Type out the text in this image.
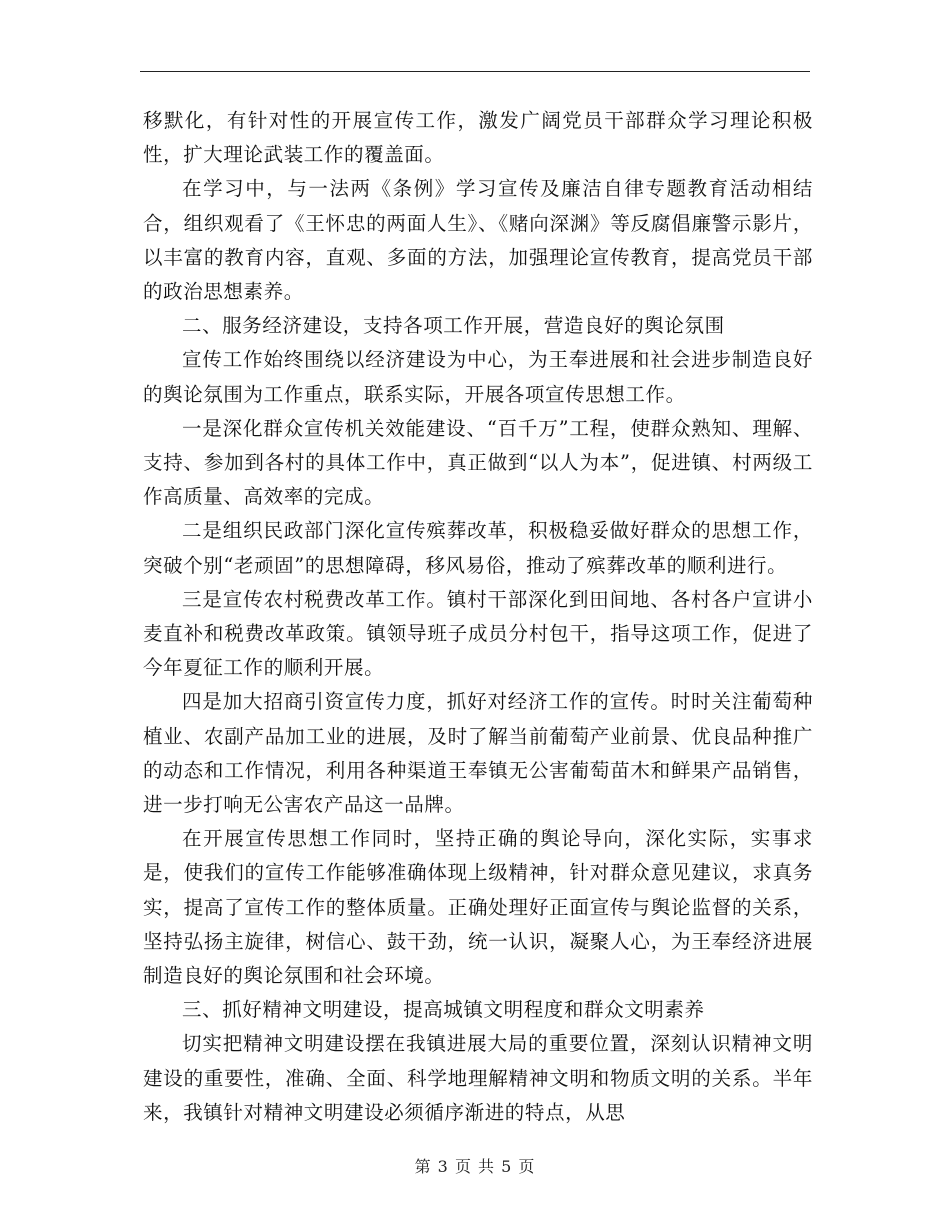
移默化，有针对性的开展宣传工作，激发广阔党员干部群众学习理论积极性，扩大理论武装工作的覆盖面。

在学习中，与一法两《条例》学习宣传及廉洁自律专题教育活动相结合，组织观看了《王怀忠的两面人生》、《赌向深渊》等反腐倡廉警示影片，以丰富的教育内容，直观、多面的方法，加强理论宣传教育，提高党员干部的政治思想素养。

二、服务经济建设，支持各项工作开展，营造良好的舆论氛围

宣传工作始终围绕以经济建设为中心，为王奉进展和社会进步制造良好的舆论氛围为工作重点，联系实际，开展各项宣传思想工作。

一是深化群众宣传机关效能建设、“百千万”工程，使群众熟知、理解、支持、参加到各村的具体工作中，真正做到“以人为本”，促进镇、村两级工作高质量、高效率的完成。

二是组织民政部门深化宣传殡葬改革，积极稳妥做好群众的思想工作，突破个别“老顽固”的思想障碍，移风易俗，推动了殡葬改革的顺利进行。

三是宣传农村税费改革工作。镇村干部深化到田间地、各村各户宣讲小麦直补和税费改革政策。镇领导班子成员分村包干，指导这项工作，促进了今年夏征工作的顺利开展。

四是加大招商引资宣传力度，抓好对经济工作的宣传。时时关注葡萄种植业、农副产品加工业的进展，及时了解当前葡萄产业前景、优良品种推广的动态和工作情况，利用各种渠道王奉镇无公害葡萄苗木和鲜果产品销售，进一步打响无公害农产品这一品牌。

在开展宣传思想工作同时，坚持正确的舆论导向，深化实际，实事求是，使我们的宣传工作能够准确体现上级精神，针对群众意见建议，求真务实，提高了宣传工作的整体质量。正确处理好正面宣传与舆论监督的关系，坚持弘扬主旋律，树信心、鼓干劲，统一认识，凝聚人心，为王奉经济进展制造良好的舆论氛围和社会环境。

三、抓好精神文明建设，提高城镇文明程度和群众文明素养

切实把精神文明建设摆在我镇进展大局的重要位置，深刻认识精神文明建设的重要性，准确、全面、科学地理解精神文明和物质文明的关系。半年来，我镇针对精神文明建设必须循序渐进的特点，从思

第 3 页 共 5 页
